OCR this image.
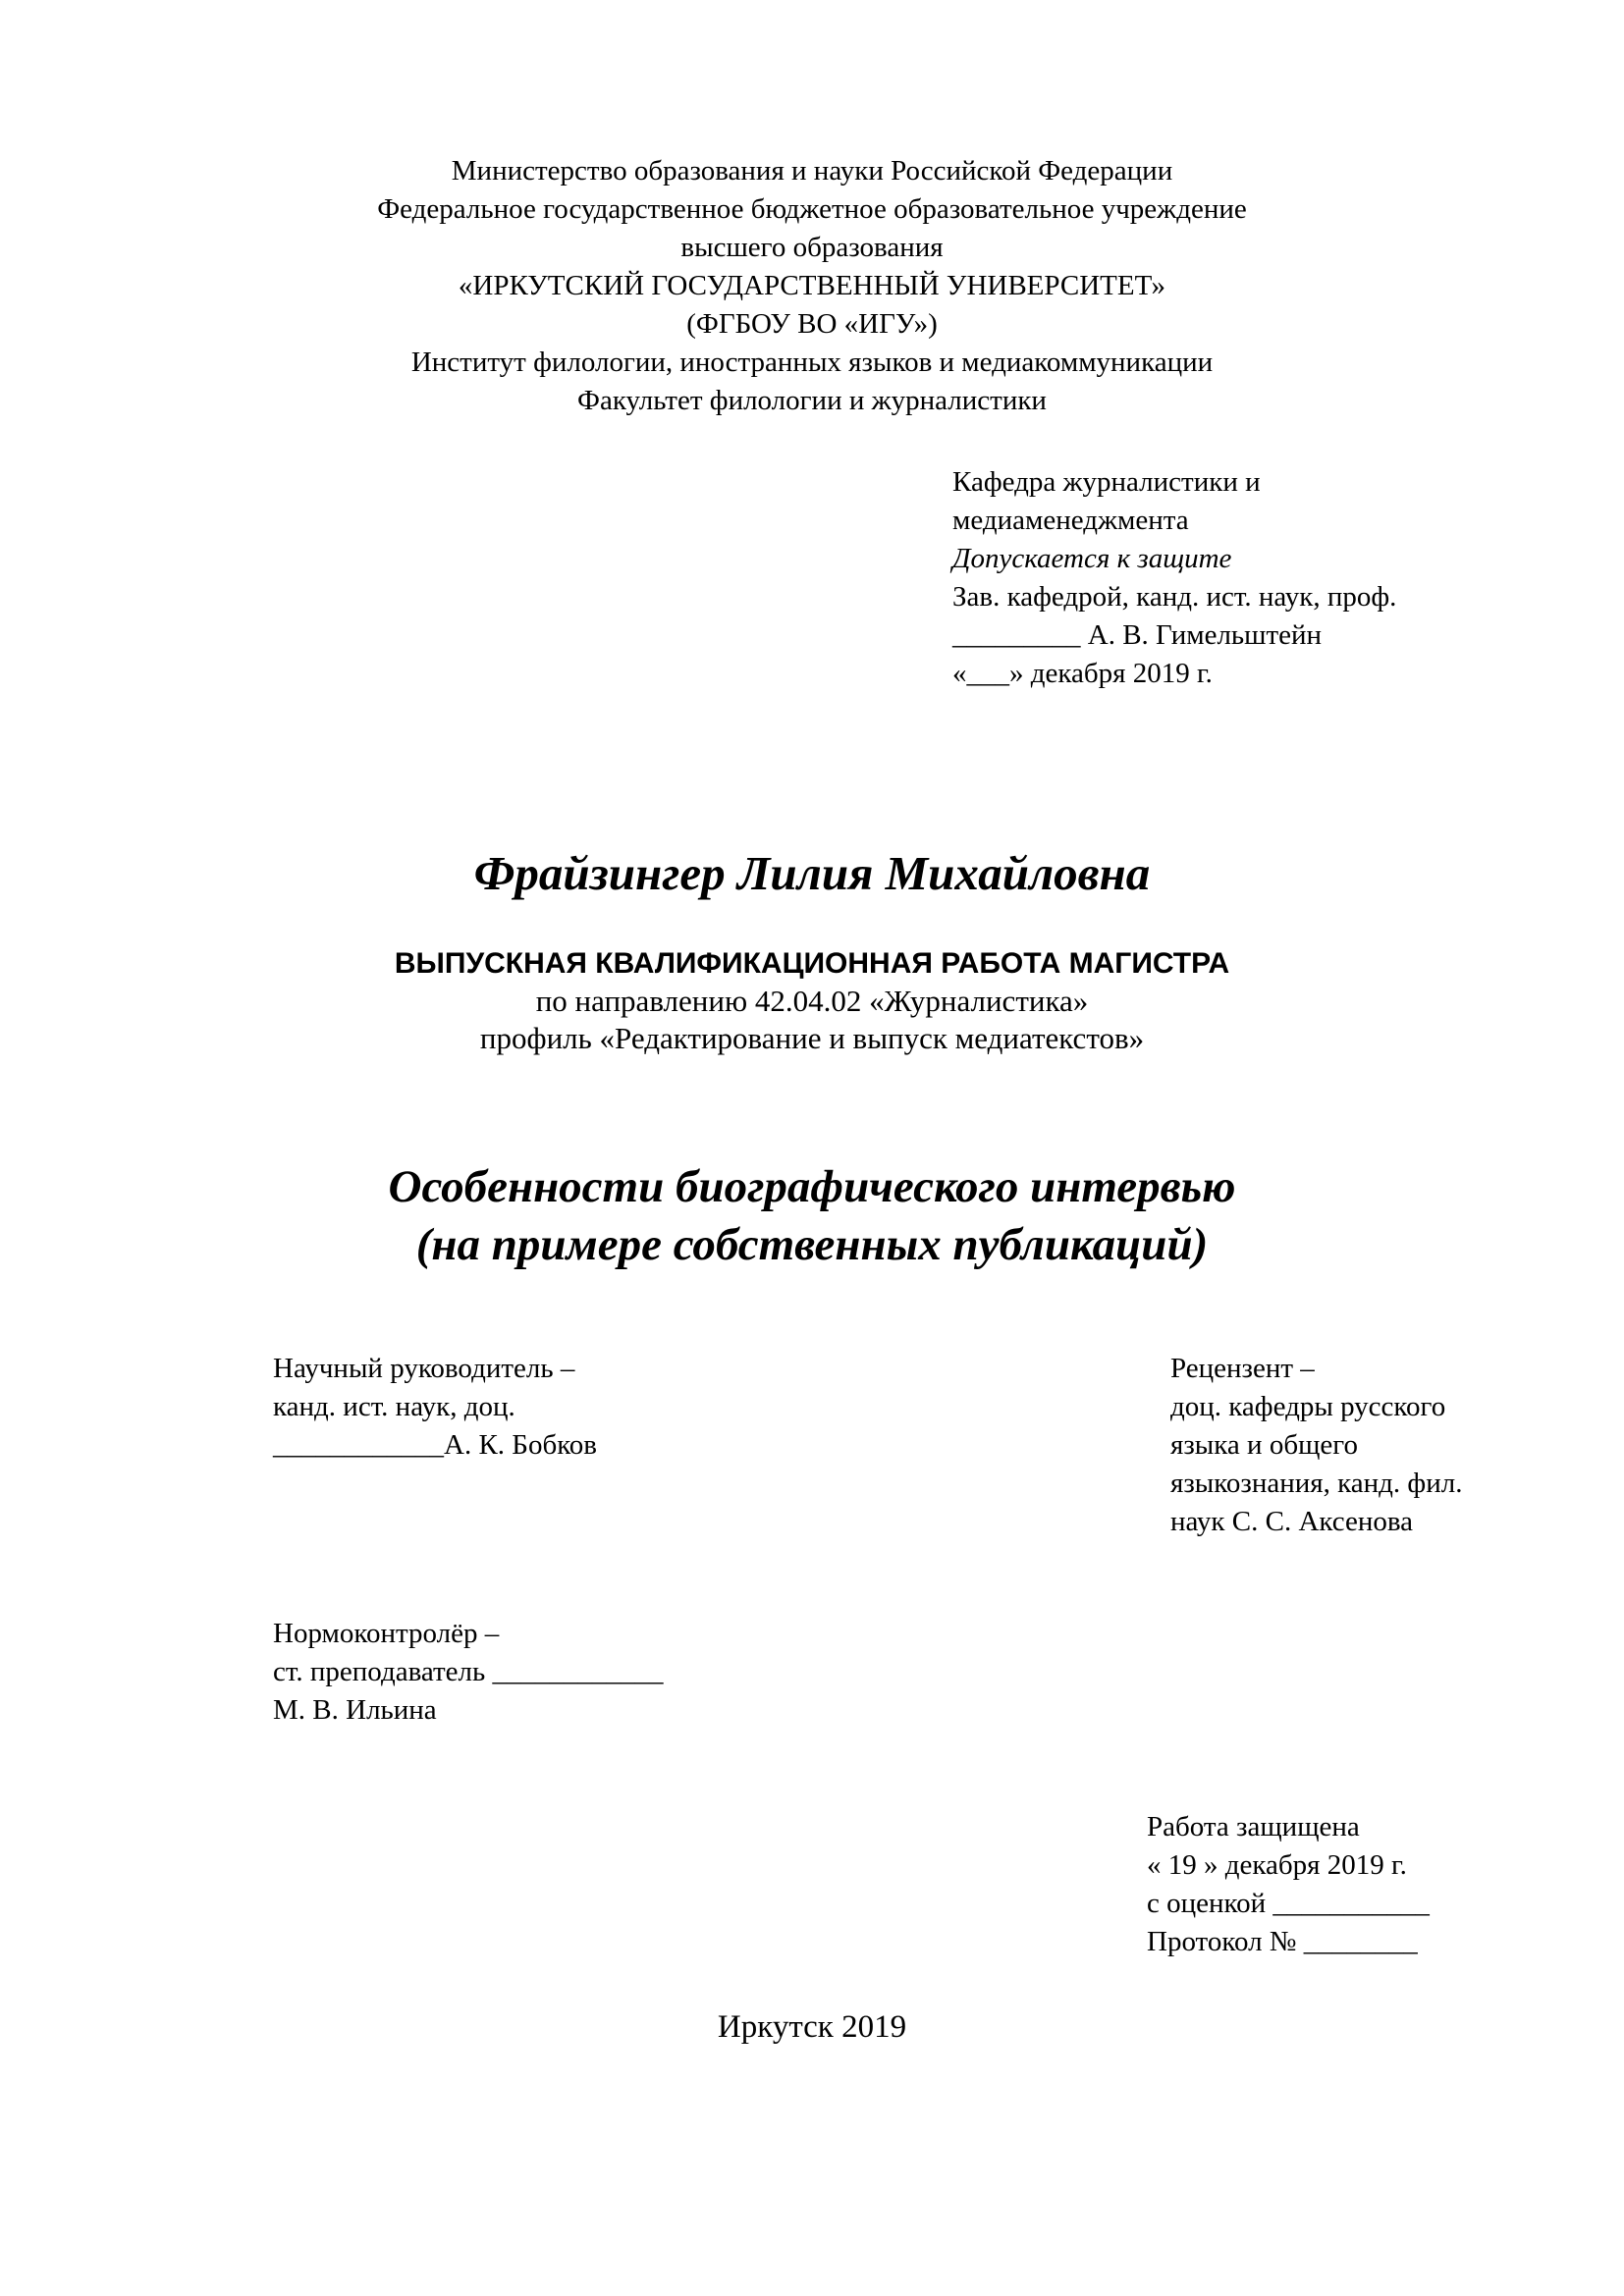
Министерство образования и науки Российской Федерации
Федеральное государственное бюджетное образовательное учреждение
высшего образования
«ИРКУТСКИЙ ГОСУДАРСТВЕННЫЙ УНИВЕРСИТЕТ»
(ФГБОУ ВО «ИГУ»)
Институт филологии, иностранных языков и медиакоммуникации
Факультет филологии и журналистики
Кафедра журналистики и
медиаменеджмента
Допускается к защите
Зав. кафедрой, канд. ист. наук, проф.
_________ А. В. Гимельштейн
«___» декабря 2019 г.
Фрайзингер Лилия Михайловна
ВЫПУСКНАЯ КВАЛИФИКАЦИОННАЯ РАБОТА МАГИСТРА
по направлению 42.04.02 «Журналистика»
профиль «Редактирование и выпуск медиатекстов»
Особенности биографического интервью
(на примере собственных публикаций)
Научный руководитель –
канд. ист. наук, доц.
____________А. К. Бобков
Рецензент –
доц. кафедры русского
языка и общего
языкознания, канд. фил.
наук С. С. Аксенова
Нормоконтролёр –
ст. преподаватель ____________
М. В. Ильина
Работа защищена
« 19 » декабря 2019 г.
с оценкой ___________
Протокол № ________
Иркутск 2019
